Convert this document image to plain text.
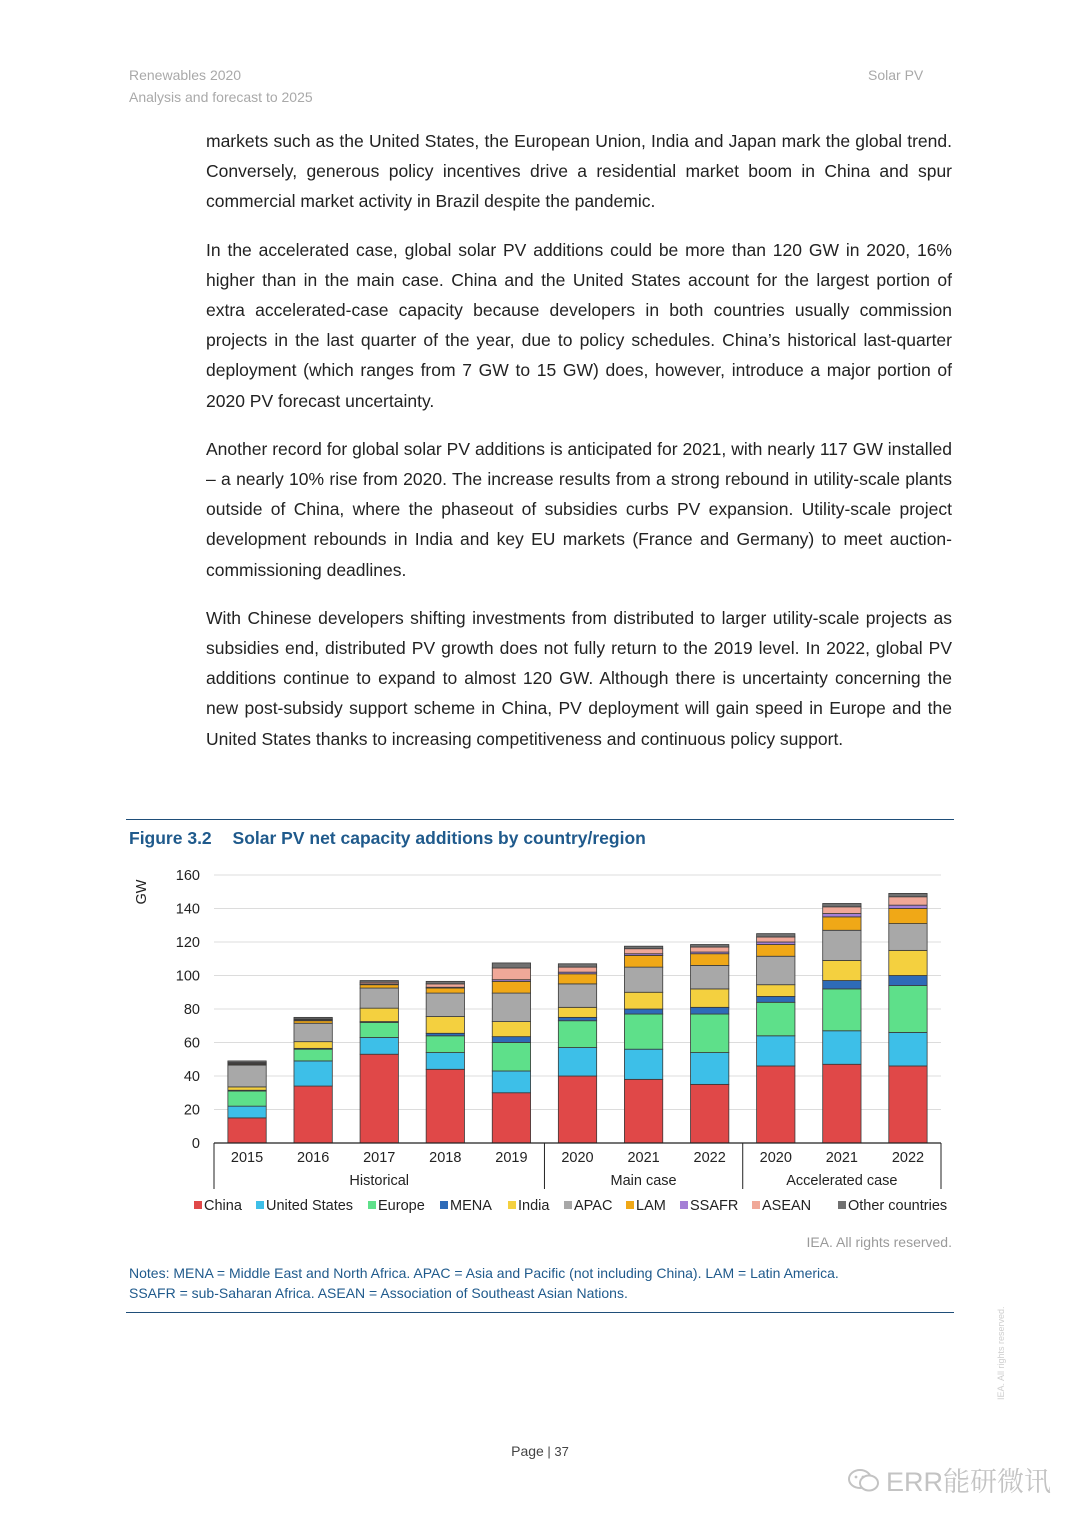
Renewables 2020
Analysis and forecast to 2025
Solar PV

markets such as the United States, the European Union, India and Japan mark the global trend. Conversely, generous policy incentives drive a residential market boom in China and spur commercial market activity in Brazil despite the pandemic.

In the accelerated case, global solar PV additions could be more than 120 GW in 2020, 16% higher than in the main case. China and the United States account for the largest portion of extra accelerated-case capacity because developers in both countries usually commission projects in the last quarter of the year, due to policy schedules. China’s historical last-quarter deployment (which ranges from 7 GW to 15 GW) does, however, introduce a major portion of 2020 PV forecast uncertainty.

Another record for global solar PV additions is anticipated for 2021, with nearly 117 GW installed – a nearly 10% rise from 2020. The increase results from a strong rebound in utility-scale plants outside of China, where the phaseout of subsidies curbs PV expansion. Utility-scale project development rebounds in India and key EU markets (France and Germany) to meet auction-commissioning deadlines.

With Chinese developers shifting investments from distributed to larger utility-scale projects as subsidies end, distributed PV growth does not fully return to the 2019 level. In 2022, global PV additions continue to expand to almost 120 GW. Although there is uncertainty concerning the new post-subsidy support scheme in China, PV deployment will gain speed in Europe and the United States thanks to increasing competitiveness and continuous policy support.

Figure 3.2 Solar PV net capacity additions by country/region
0
20
40
60
80
100
120
140
160
GW
2015 2016 2017 2018 2019 2020 2021 2022 2020 2021 2022
Historical	Main case	Accelerated case
China United States Europe MENA India APAC LAM SSAFR ASEAN	Other countries
IEA. All rights reserved.
Notes: MENA = Middle East and North Africa. APAC = Asia and Pacific (not including China). LAM = Latin America.
SSAFR = sub-Saharan Africa. ASEAN = Association of Southeast Asian Nations.
Page | 37
IEA. All rights reserved.
ERR能研微讯
